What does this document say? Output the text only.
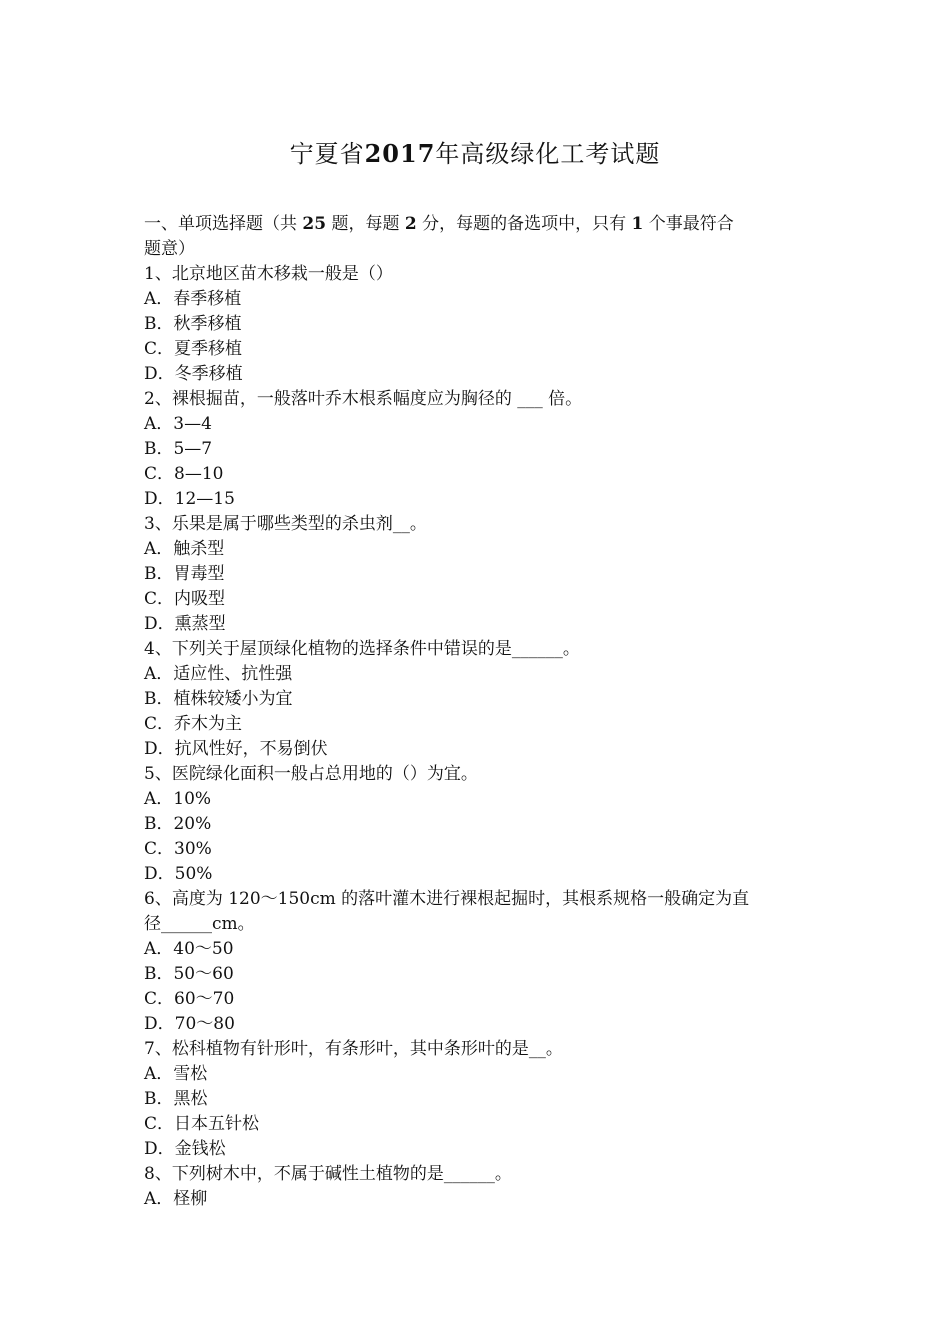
宁夏省2017年高级绿化工考试题
一、单项选择题（共 25 题，每题 2 分，每题的备选项中，只有 1 个事最符合
题意）
1、北京地区苗木移栽一般是（）
A．春季移植
B．秋季移植
C．夏季移植
D．冬季移植
2、裸根掘苗，一般落叶乔木根系幅度应为胸径的 ___ 倍。
A．3—4
B．5—7
C．8—10
D．12—15
3、乐果是属于哪些类型的杀虫剂__。
A．触杀型
B．胃毒型
C．内吸型
D．熏蒸型
4、下列关于屋顶绿化植物的选择条件中错误的是______。
A．适应性、抗性强
B．植株较矮小为宜
C．乔木为主
D．抗风性好，不易倒伏
5、医院绿化面积一般占总用地的（）为宜。
A．10%
B．20%
C．30%
D．50%
6、高度为 120～150cm 的落叶灌木进行裸根起掘时，其根系规格一般确定为直
径______cm。
A．40～50
B．50～60
C．60～70
D．70～80
7、松科植物有针形叶，有条形叶，其中条形叶的是__。
A．雪松
B．黑松
C．日本五针松
D．金钱松
8、下列树木中，不属于碱性土植物的是______。
A．柽柳
